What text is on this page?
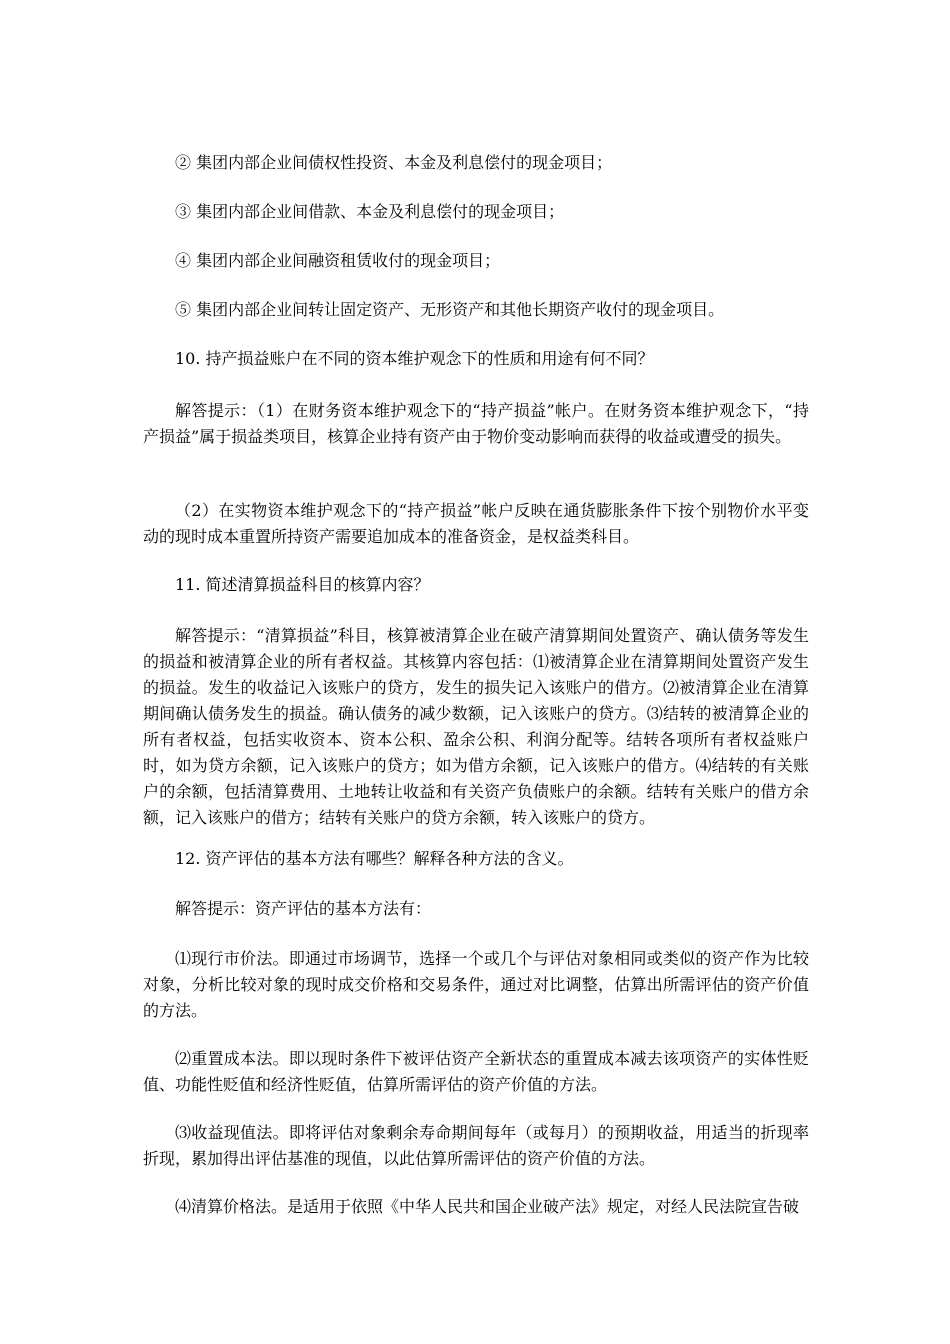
② 集团内部企业间债权性投资、本金及利息偿付的现金项目；

③ 集团内部企业间借款、本金及利息偿付的现金项目；

④ 集团内部企业间融资租赁收付的现金项目；

⑤ 集团内部企业间转让固定资产、无形资产和其他长期资产收付的现金项目。

10. 持产损益账户在不同的资本维护观念下的性质和用途有何不同？

解答提示：（1）在财务资本维护观念下的“持产损益”帐户。在财务资本维护观念下，“持产损益”属于损益类项目，核算企业持有资产由于物价变动影响而获得的收益或遭受的损失。

（2）在实物资本维护观念下的“持产损益”帐户反映在通货膨胀条件下按个别物价水平变动的现时成本重置所持资产需要追加成本的准备资金，是权益类科目。

11. 简述清算损益科目的核算内容？

解答提示：“清算损益”科目，核算被清算企业在破产清算期间处置资产、确认债务等发生的损益和被清算企业的所有者权益。其核算内容包括：⑴被清算企业在清算期间处置资产发生的损益。发生的收益记入该账户的贷方，发生的损失记入该账户的借方。⑵被清算企业在清算期间确认债务发生的损益。确认债务的减少数额，记入该账户的贷方。⑶结转的被清算企业的所有者权益，包括实收资本、资本公积、盈余公积、利润分配等。结转各项所有者权益账户时，如为贷方余额，记入该账户的贷方；如为借方余额，记入该账户的借方。⑷结转的有关账户的余额，包括清算费用、土地转让收益和有关资产负债账户的余额。结转有关账户的借方余额，记入该账户的借方；结转有关账户的贷方余额，转入该账户的贷方。

12. 资产评估的基本方法有哪些？解释各种方法的含义。

解答提示：资产评估的基本方法有：

⑴现行市价法。即通过市场调节，选择一个或几个与评估对象相同或类似的资产作为比较对象，分析比较对象的现时成交价格和交易条件，通过对比调整，估算出所需评估的资产价值的方法。

⑵重置成本法。即以现时条件下被评估资产全新状态的重置成本减去该项资产的实体性贬值、功能性贬值和经济性贬值，估算所需评估的资产价值的方法。

⑶收益现值法。即将评估对象剩余寿命期间每年（或每月）的预期收益，用适当的折现率折现，累加得出评估基准的现值，以此估算所需评估的资产价值的方法。

⑷清算价格法。是适用于依照《中华人民共和国企业破产法》规定，对经人民法院宣告破
